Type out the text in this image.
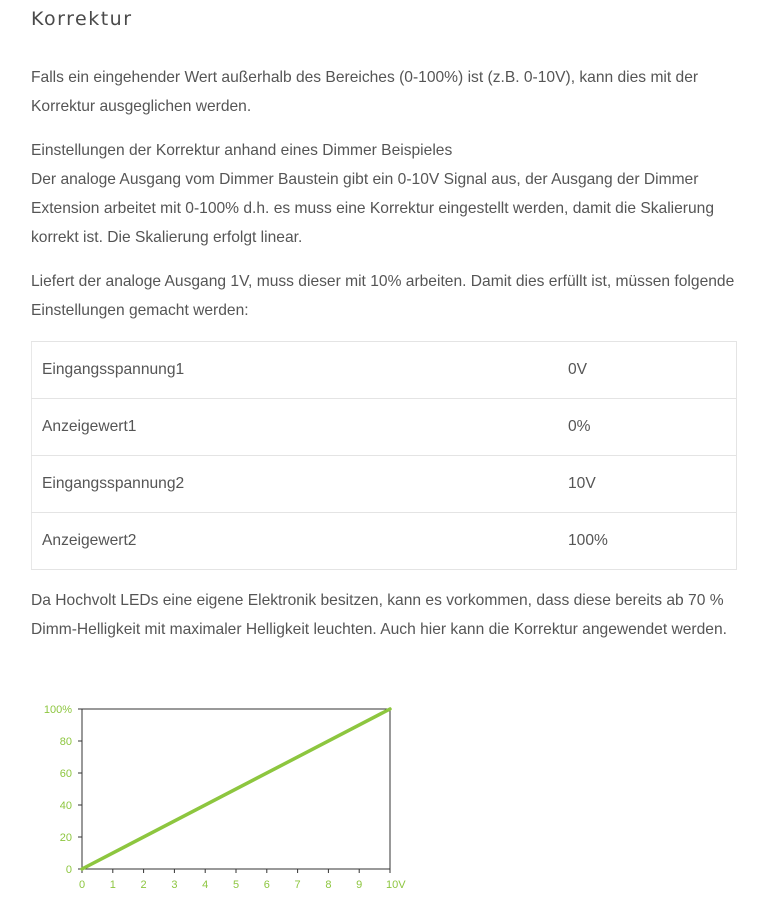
Korrektur

Falls ein eingehender Wert außerhalb des Bereiches (0-100%) ist (z.B. 0-10V), kann dies mit der Korrektur ausgeglichen werden.

Einstellungen der Korrektur anhand eines Dimmer Beispieles
Der analoge Ausgang vom Dimmer Baustein gibt ein 0-10V Signal aus, der Ausgang der Dimmer Extension arbeitet mit 0-100% d.h. es muss eine Korrektur eingestellt werden, damit die Skalierung korrekt ist. Die Skalierung erfolgt linear.

Liefert der analoge Ausgang 1V, muss dieser mit 10% arbeiten. Damit dies erfüllt ist, müssen folgende Einstellungen gemacht werden:

Eingangsspannung1	0V
Anzeigewert1	0%
Eingangsspannung2	10V
Anzeigewert2	100%

Da Hochvolt LEDs eine eigene Elektronik besitzen, kann es vorkommen, dass diese bereits ab 70 % Dimm-Helligkeit mit maximaler Helligkeit leuchten. Auch hier kann die Korrektur angewendet werden.

0 1 2 3 4 5 6 7 8 9 10V
0
20
40
60
80
100%
